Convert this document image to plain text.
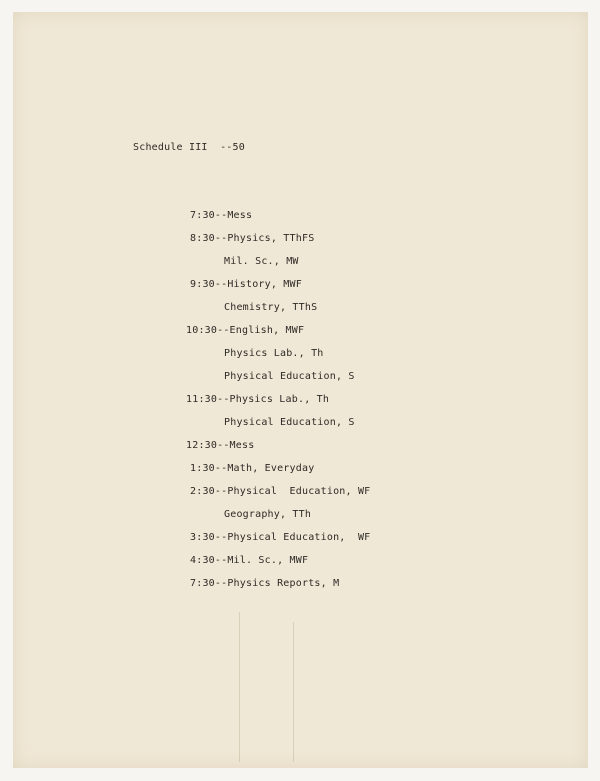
Schedule III  --50
7:30--Mess
8:30--Physics, TThFS
Mil. Sc., MW
9:30--History, MWF
Chemistry, TThS
10:30--English, MWF
Physics Lab., Th
Physical Education, S
11:30--Physics Lab., Th
Physical Education, S
12:30--Mess
1:30--Math, Everyday
2:30--Physical  Education, WF
Geography, TTh
3:30--Physical Education,  WF
4:30--Mil. Sc., MWF
7:30--Physics Reports, M
